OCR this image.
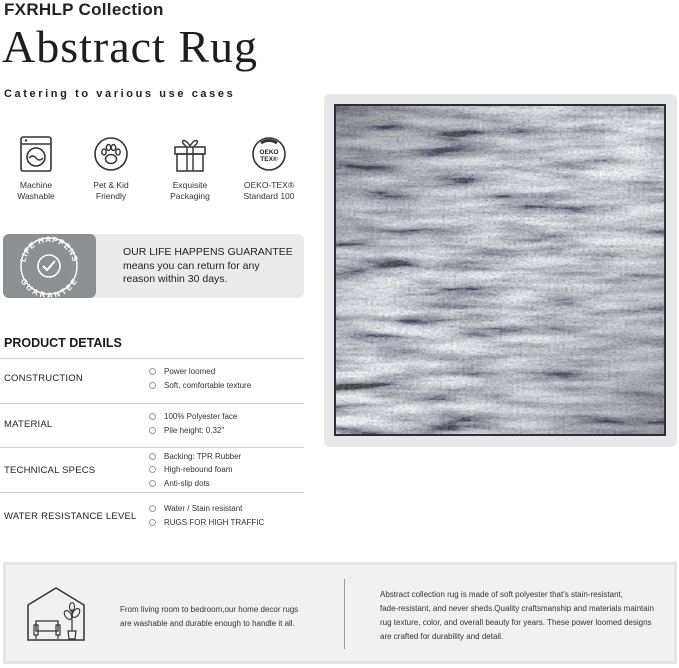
FXRHLP Collection
Abstract Rug
Catering to various use cases
Machine
Washable
Pet & Kid
Friendly
Exquisite
Packaging
OEKO
TEX®
OEKO-TEX®
Standard 100
LIFE HAPPENS
GUARANTEE
OUR LIFE HAPPENS GUARANTEE
means you can return for any
reason within 30 days.
PRODUCT DETAILS
CONSTRUCTION
Power loomed
Soft, comfortable texture
MATERIAL
100% Polyester face
Pile height: 0.32"
TECHNICAL SPECS
Backing: TPR Rubber
High-rebound foam
Anti-slip dots
WATER RESISTANCE LEVEL
Water / Stain resistant
RUGS FOR HIGH TRAFFIC
From living room to bedroom,our home decor rugs
are washable and durable enough to handle it all.
Abstract collection rug is made of soft polyester that's stain-resistant,
fade-resistant, and never sheds.Quality craftsmanship and materials maintain
rug texture, color, and overall beauty for years. These power loomed designs
are crafted for durability and detail.
